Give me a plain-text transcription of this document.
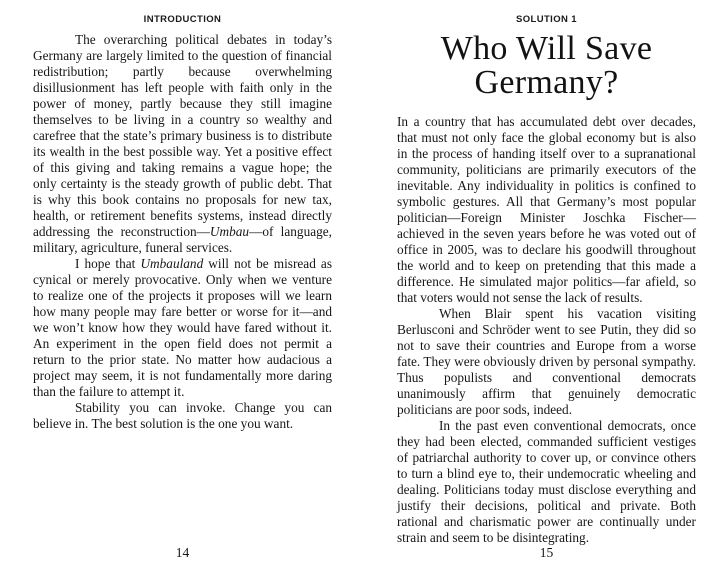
INTRODUCTION

The overarching political debates in today’s Germany are largely limited to the question of financial redistribution; partly because overwhelming disillusionment has left people with faith only in the power of money, partly because they still imagine themselves to be living in a country so wealthy and carefree that the state’s primary business is to distribute its wealth in the best possible way. Yet a positive effect of this giving and taking remains a vague hope; the only certainty is the steady growth of public debt. That is why this book contains no proposals for new tax, health, or retirement benefits systems, instead directly addressing the reconstruction—Umbau—of language, military, agriculture, funeral services.

I hope that Umbauland will not be misread as cynical or merely provocative. Only when we venture to realize one of the projects it proposes will we learn how many people may fare better or worse for it—and we won’t know how they would have fared without it. An experiment in the open field does not permit a return to the prior state. No matter how audacious a project may seem, it is not fundamentally more daring than the failure to attempt it.

Stability you can invoke. Change you can believe in. The best solution is the one you want.

14
SOLUTION 1
Who Will Save
Germany?

In a country that has accumulated debt over decades, that must not only face the global economy but is also in the process of handing itself over to a supranational community, politicians are primarily executors of the inevitable. Any individuality in politics is confined to symbolic gestures. All that Germany’s most popular politician—Foreign Minister Joschka Fischer—achieved in the seven years before he was voted out of office in 2005, was to declare his goodwill throughout the world and to keep on pretending that this made a difference. He simulated major politics—far afield, so that voters would not sense the lack of results.

When Blair spent his vacation visiting Berlusconi and Schröder went to see Putin, they did so not to save their countries and Europe from a worse fate. They were obviously driven by personal sympathy. Thus populists and conventional democrats unanimously affirm that genuinely democratic politicians are poor sods, indeed.

In the past even conventional democrats, once they had been elected, commanded sufficient vestiges of patriarchal authority to cover up, or convince others to turn a blind eye to, their undemocratic wheeling and dealing. Politicians today must disclose everything and justify their decisions, political and private. Both rational and charismatic power are continually under strain and seem to be disintegrating.

15
